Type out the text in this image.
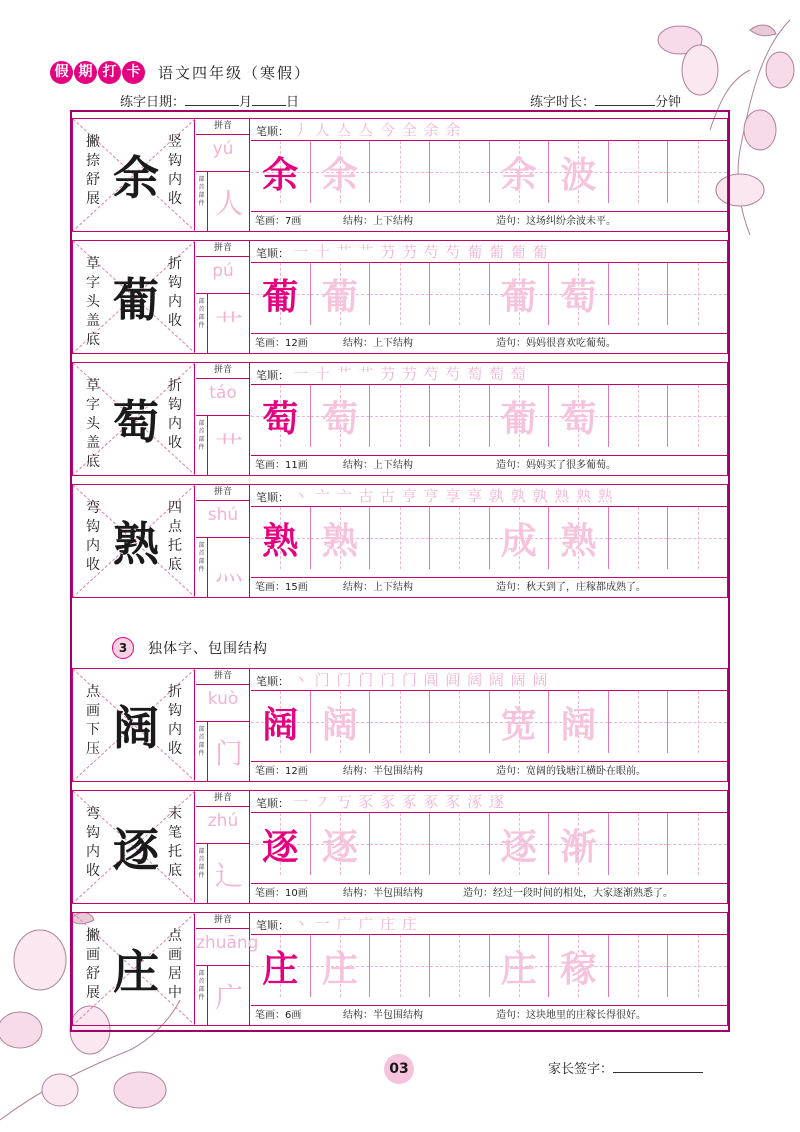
假 期 打 卡	语文四年级（寒假）
练字日期：	月	日	练字时长：	分钟
3	独体字、包围结构
撇捺舒展 余
竖钩内收
拼音
yú
部首部件 人
笔顺： 丿 人 亼 亼 今 全 余 余
余 余	余 波
笔画：7画	结构：上下结构	造句：这场纠纷余波未平。
草字头盖底
葡
折钩内收
拼音
pú
部首部件 艹
笔顺： 一 十 艹 艹 芀 芀 芍 芍 葡 葡 葡 葡
葡 葡	葡 萄
笔画：12画	结构：上下结构	造句：妈妈很喜欢吃葡萄。
草字头盖底
萄
折钩内收
拼音
táo
部首部件 艹
笔顺： 一 十 艹 艹 芀 芀 芍 芍 萄 萄 萄
萄 萄	葡 萄
笔画：11画	结构：上下结构	造句：妈妈买了很多葡萄。
弯钩内收 熟
四点托底
拼音
shú
部首部件 灬
笔顺： 丶 亠 亠 古 古 亨 亨 享 享 孰 孰 孰 熟 熟 熟
熟 熟	成 熟
笔画：15画	结构：上下结构	造句：秋天到了，庄稼都成熟了。
点画下压 阔
折钩内收
拼音
kuò
部首部件 门
笔顺： 丶 门 门 门 门 门 阊 阊 阔 阔 阔 阔
阔 阔	宽 阔
笔画：12画	结构：半包围结构	造句：宽阔的钱塘江横卧在眼前。
弯钩内收 逐
末笔托底
拼音
zhú
部首部件 辶
笔顺： 一 ㇇ 丂 豕 豕 豖 豖 豕 涿 逐
逐 逐	逐 渐
笔画：10画	结构：半包围结构	造句：经过一段时间的相处，大家逐渐熟悉了。
撇画舒展 庄
点画居中
拼音
zhuāng
部首部件 广
笔顺： 丶 一 广 广 庄 庄
庄 庄	庄 稼
笔画：6画	结构：半包围结构	造句：这块地里的庄稼长得很好。
03	家长签字：
